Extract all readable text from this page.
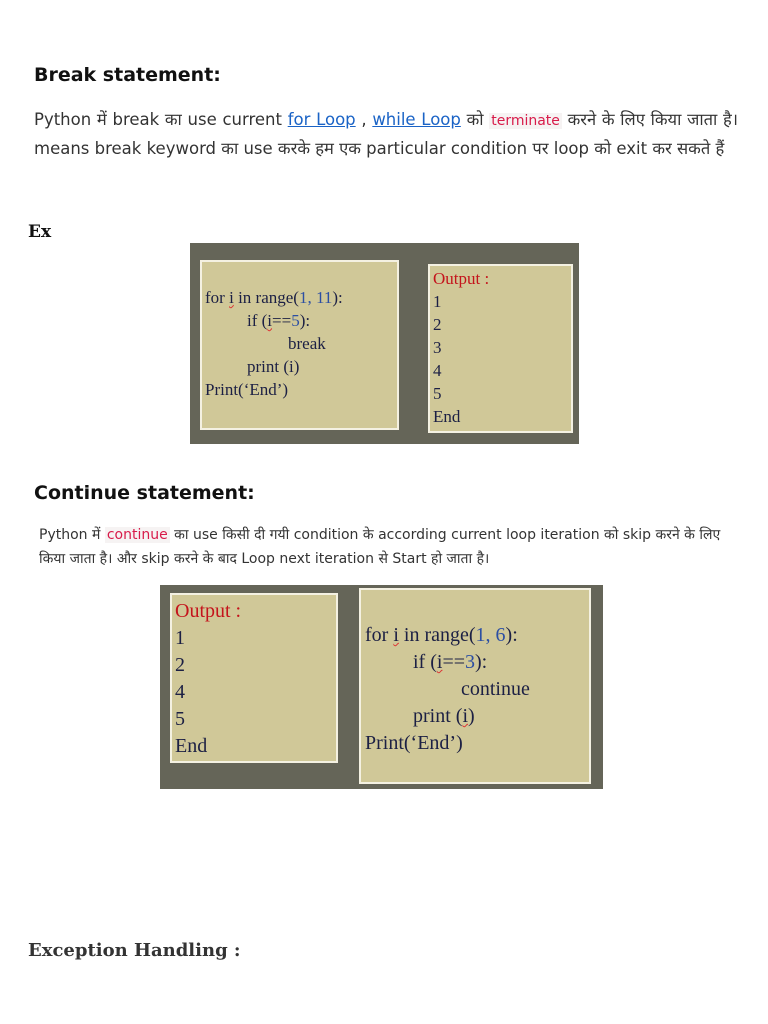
Break statement:
Python में break का use current for Loop , while Loop को terminate करने के लिए किया जाता है। means break keyword का use करके हम एक particular condition पर loop को exit कर सकते हैं
Ex
for i in range(1, 11):
if (i==5):
break
print (i)
Print(‘End’)
Output :
1
2
3
4
5
End
Continue statement:
Python में continue का use किसी दी गयी condition के according current loop iteration को skip करने के लिए किया जाता है। और skip करने के बाद Loop next iteration से Start हो जाता है।
Output :
1
2
4
5
End
for i in range(1, 6):
if (i==3):
continue
print (i)
Print(‘End’)
Exception Handling :
